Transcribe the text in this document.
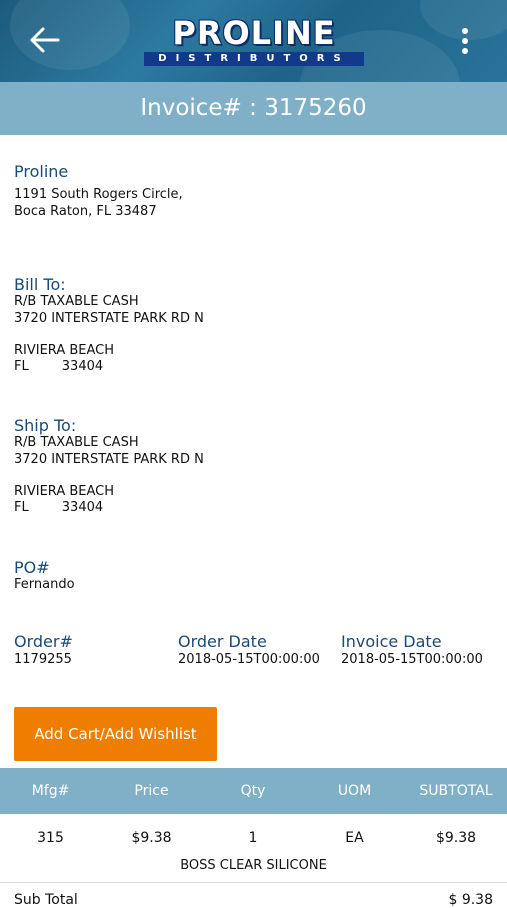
PROLINE
DISTRIBUTORS
Invoice# : 3175260
Proline
1191 South Rogers Circle,
Boca Raton, FL 33487
Bill To:
R/B TAXABLE CASH
3720 INTERSTATE PARK RD N
RIVIERA BEACH
FL        33404
Ship To:
R/B TAXABLE CASH
3720 INTERSTATE PARK RD N
RIVIERA BEACH
FL        33404
PO#
Fernando
Order#
1179255
Order Date
2018-05-15T00:00:00
Invoice Date
2018-05-15T00:00:00
Add Cart/Add Wishlist
Mfg#	Price	Qty	UOM	SUBTOTAL
315	$9.38	1	EA	$9.38
BOSS CLEAR SILICONE
Sub Total	$ 9.38
